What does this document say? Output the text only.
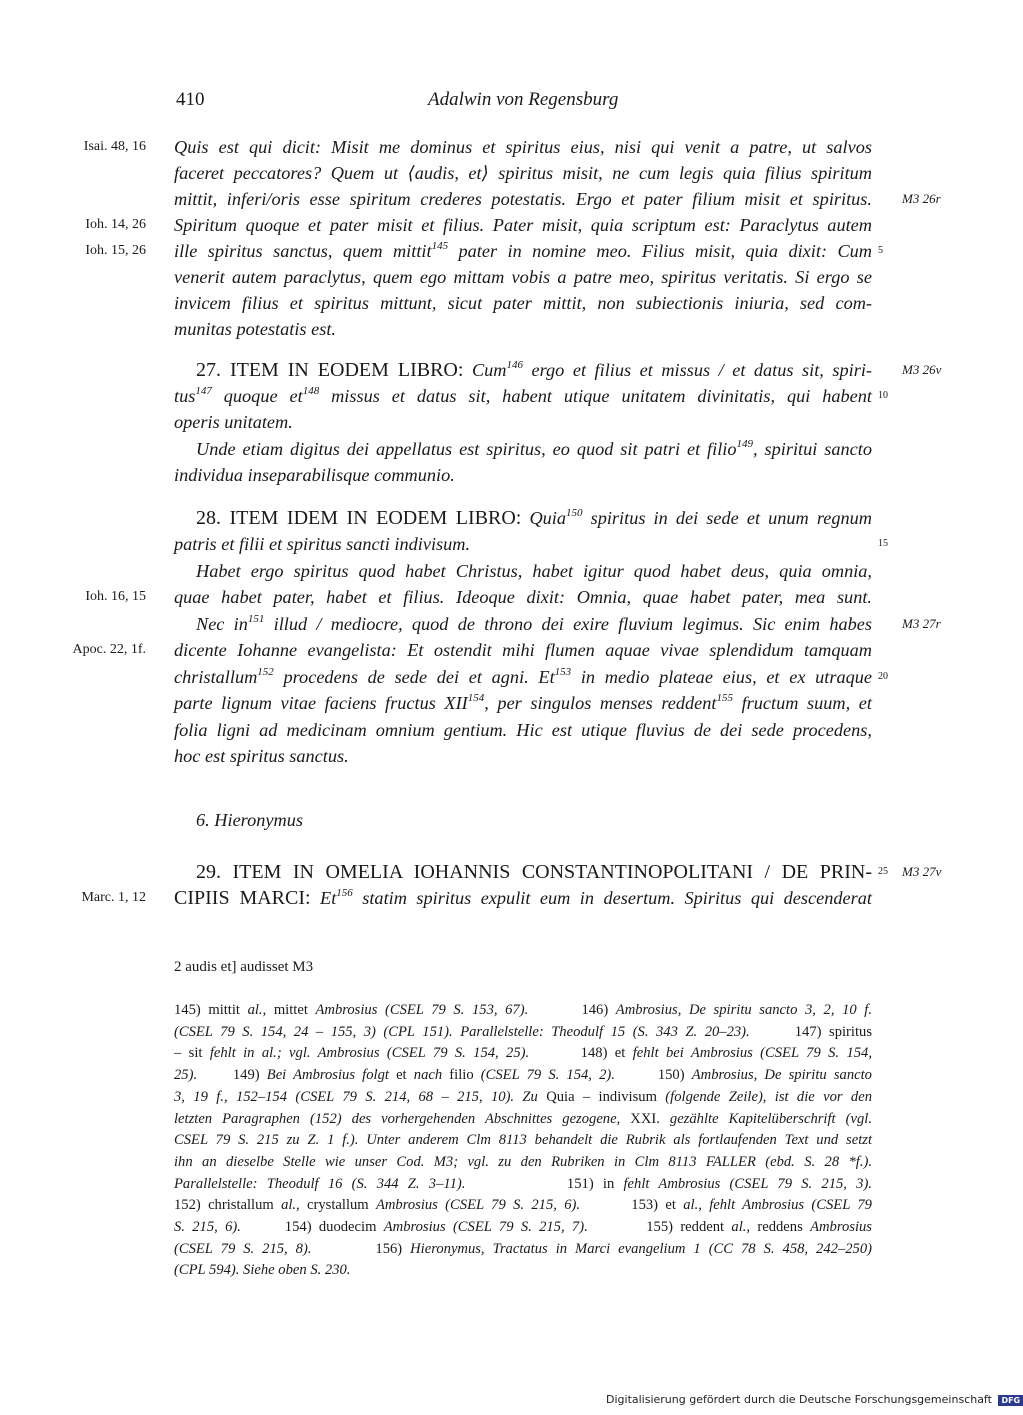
410	Adalwin von Regensburg
Quis est qui dicit: Misit me dominus et spiritus eius, nisi qui venit a patre, ut salvos
faceret peccatores? Quem ut ⟨audis, et⟩ spiritus misit, ne cum legis quia filius spiritum
mittit, inferi/oris esse spiritum crederes potestatis. Ergo et pater filium misit et spiritus.
Spiritum quoque et pater misit et filius. Pater misit, quia scriptum est: Paraclytus autem
ille spiritus sanctus, quem mittit$^{145}$ pater in nomine meo. Filius misit, quia dixit: Cum
venerit autem paraclytus, quem ego mittam vobis a patre meo, spiritus veritatis. Si ergo se
invicem filius et spiritus mittunt, sicut pater mittit, non subiectionis iniuria, sed com-
munitas potestatis est.
27. ITEM IN EODEM LIBRO: Cum$^{146}$ ergo et filius et missus / et datus sit, spiri-
tus$^{147}$ quoque $et^{148}$ missus et datus sit, habent utique unitatem divinitatis, qui habent
operis unitatem.
Unde etiam digitus dei appellatus est spiritus, eo quod sit patri et filio$^{149}$, spiritui sancto
individua inseparabilisque communio.
28. ITEM IDEM IN EODEM LIBRO: Quia$^{150}$ spiritus in dei sede et unum regnum
patris et filii et spiritus sancti indivisum.
Habet ergo spiritus quod habet Christus, habet igitur quod habet deus, quia omnia,
quae habet pater, habet et filius. Ideoque dixit: Omnia, quae habet pater, mea sunt.
Nec $in^{151}$ illud / mediocre, quod de throno dei exire fluvium legimus. Sic enim habes
dicente Iohanne evangelista: Et ostendit mihi flumen aquae vivae splendidum tamquam
christallum$^{152}$ procedens de sede dei et agni. Et$^{153}$ in medio plateae eius, et ex utraque
parte lignum vitae faciens fructus XII$^{154}$, per singulos menses reddent$^{155}$ fructum suum, et
folia ligni ad medicinam omnium gentium. Hic est utique fluvius de dei sede procedens,
hoc est spiritus sanctus.
29. ITEM IN OMELIA IOHANNIS CONSTANTINOPOLITANI / DE PRIN-
CIPIIS MARCI: Et$^{156}$ statim spiritus expulit eum in desertum. Spiritus qui descenderat
Isai. 48, 16
Ioh. 14, 26
Ioh. 15, 26
Ioh. 16, 15
Apoc. 22, 1f.
Marc. 1, 12
M3 26r
M3 26v
M3 27r
M3 27v
5
10
15
20
25
6. Hieronymus
2 audis et] audisset M3
145) mittit al., mittet Ambrosius (CSEL 79 S. 153, 67).       146) Ambrosius, De spiritu sancto 3, 2, 10 f.
(CSEL 79 S. 154, 24 – 155, 3) (CPL 151). Parallelstelle: Theodulf 15 (S. 343 Z. 20–23).      147) spiritus
– sit fehlt in al.; vgl. Ambrosius (CSEL 79 S. 154, 25).       148) et fehlt bei Ambrosius (CSEL 79 S. 154,
25).     149) Bei Ambrosius folgt et nach filio (CSEL 79 S. 154, 2).      150) Ambrosius, De spiritu sancto
3, 19 f., 152–154 (CSEL 79 S. 214, 68 – 215, 10). Zu Quia – indivisum (folgende Zeile), ist die vor den
letzten Paragraphen (152) des vorhergehenden Abschnittes gezogene, XXI. gezählte Kapitelüberschrift (vgl.
CSEL 79 S. 215 zu Z. 1 f.). Unter anderem Clm 8113 behandelt die Rubrik als fortlaufenden Text und setzt
ihn an dieselbe Stelle wie unser Cod. M3; vgl. zu den Rubriken in Clm 8113 FALLER (ebd. S. 28 *f.).
Parallelstelle: Theodulf 16 (S. 344 Z. 3–11).           151) in fehlt Ambrosius (CSEL 79 S. 215, 3).
152) christallum al., crystallum Ambrosius (CSEL 79 S. 215, 6).       153) et al., fehlt Ambrosius (CSEL 79
S. 215, 6).      154) duodecim Ambrosius (CSEL 79 S. 215, 7).        155) reddent al., reddens Ambrosius
(CSEL 79 S. 215, 8).        156) Hieronymus, Tractatus in Marci evangelium 1 (CC 78 S. 458, 242–250)
(CPL 594). Siehe oben S. 230.
Digitalisierung gefördert durch die Deutsche Forschungsgemeinschaft DFG
